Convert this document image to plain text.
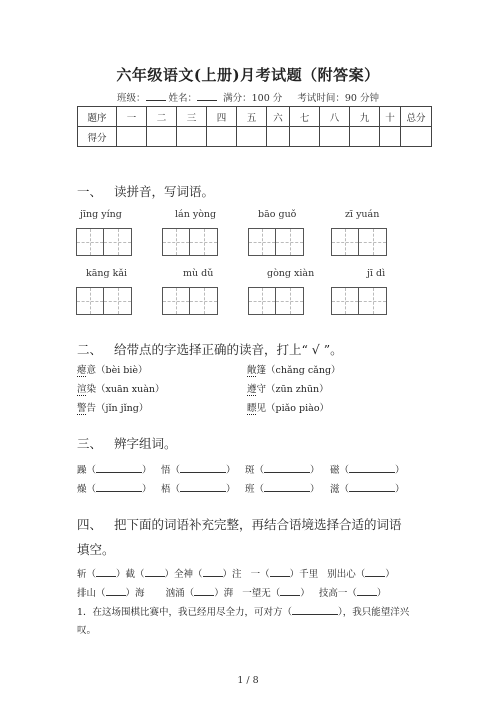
六年级语文(上册)月考试题（附答案）
班级： 姓名：	满分：100 分 考试时间：90 分钟
题序	一	二	三	四	五	六	七	八	九	十	总分
得分											
一、 读拼音，写词语。
jīng yíng	lán yòng	bāo guǒ	zī yuán
kāng kǎi	mù dǔ	gòng xiàn	jī dì
二、 给带点的字选择正确的读音，打上“ √ ”。
瘪意（bèi biè）	敞篷（chǎng cǎng）
渲染（xuān xuàn）	遵守（zūn zhūn）
警告（jǐn jǐng）	瞟见（piǎo piào）
三、 辨字组词。
躁（	） 悟（	） 斑（	） 磁（	）
燥（	） 梧（	） 班（	） 滋（	）
四、 把下面的词语补充完整，再结合语境选择合适的词语
填空。
斩（ ）截（ ）全神（ ）注 一（ ）千里 别出心（ ）
排山（ ）海 汹涌（ ）湃 一望无（ ） 技高一（ ）
1．在这场围棋比赛中，我已经用尽全力，可对方（	），我只能望洋兴
叹。
1 / 8
